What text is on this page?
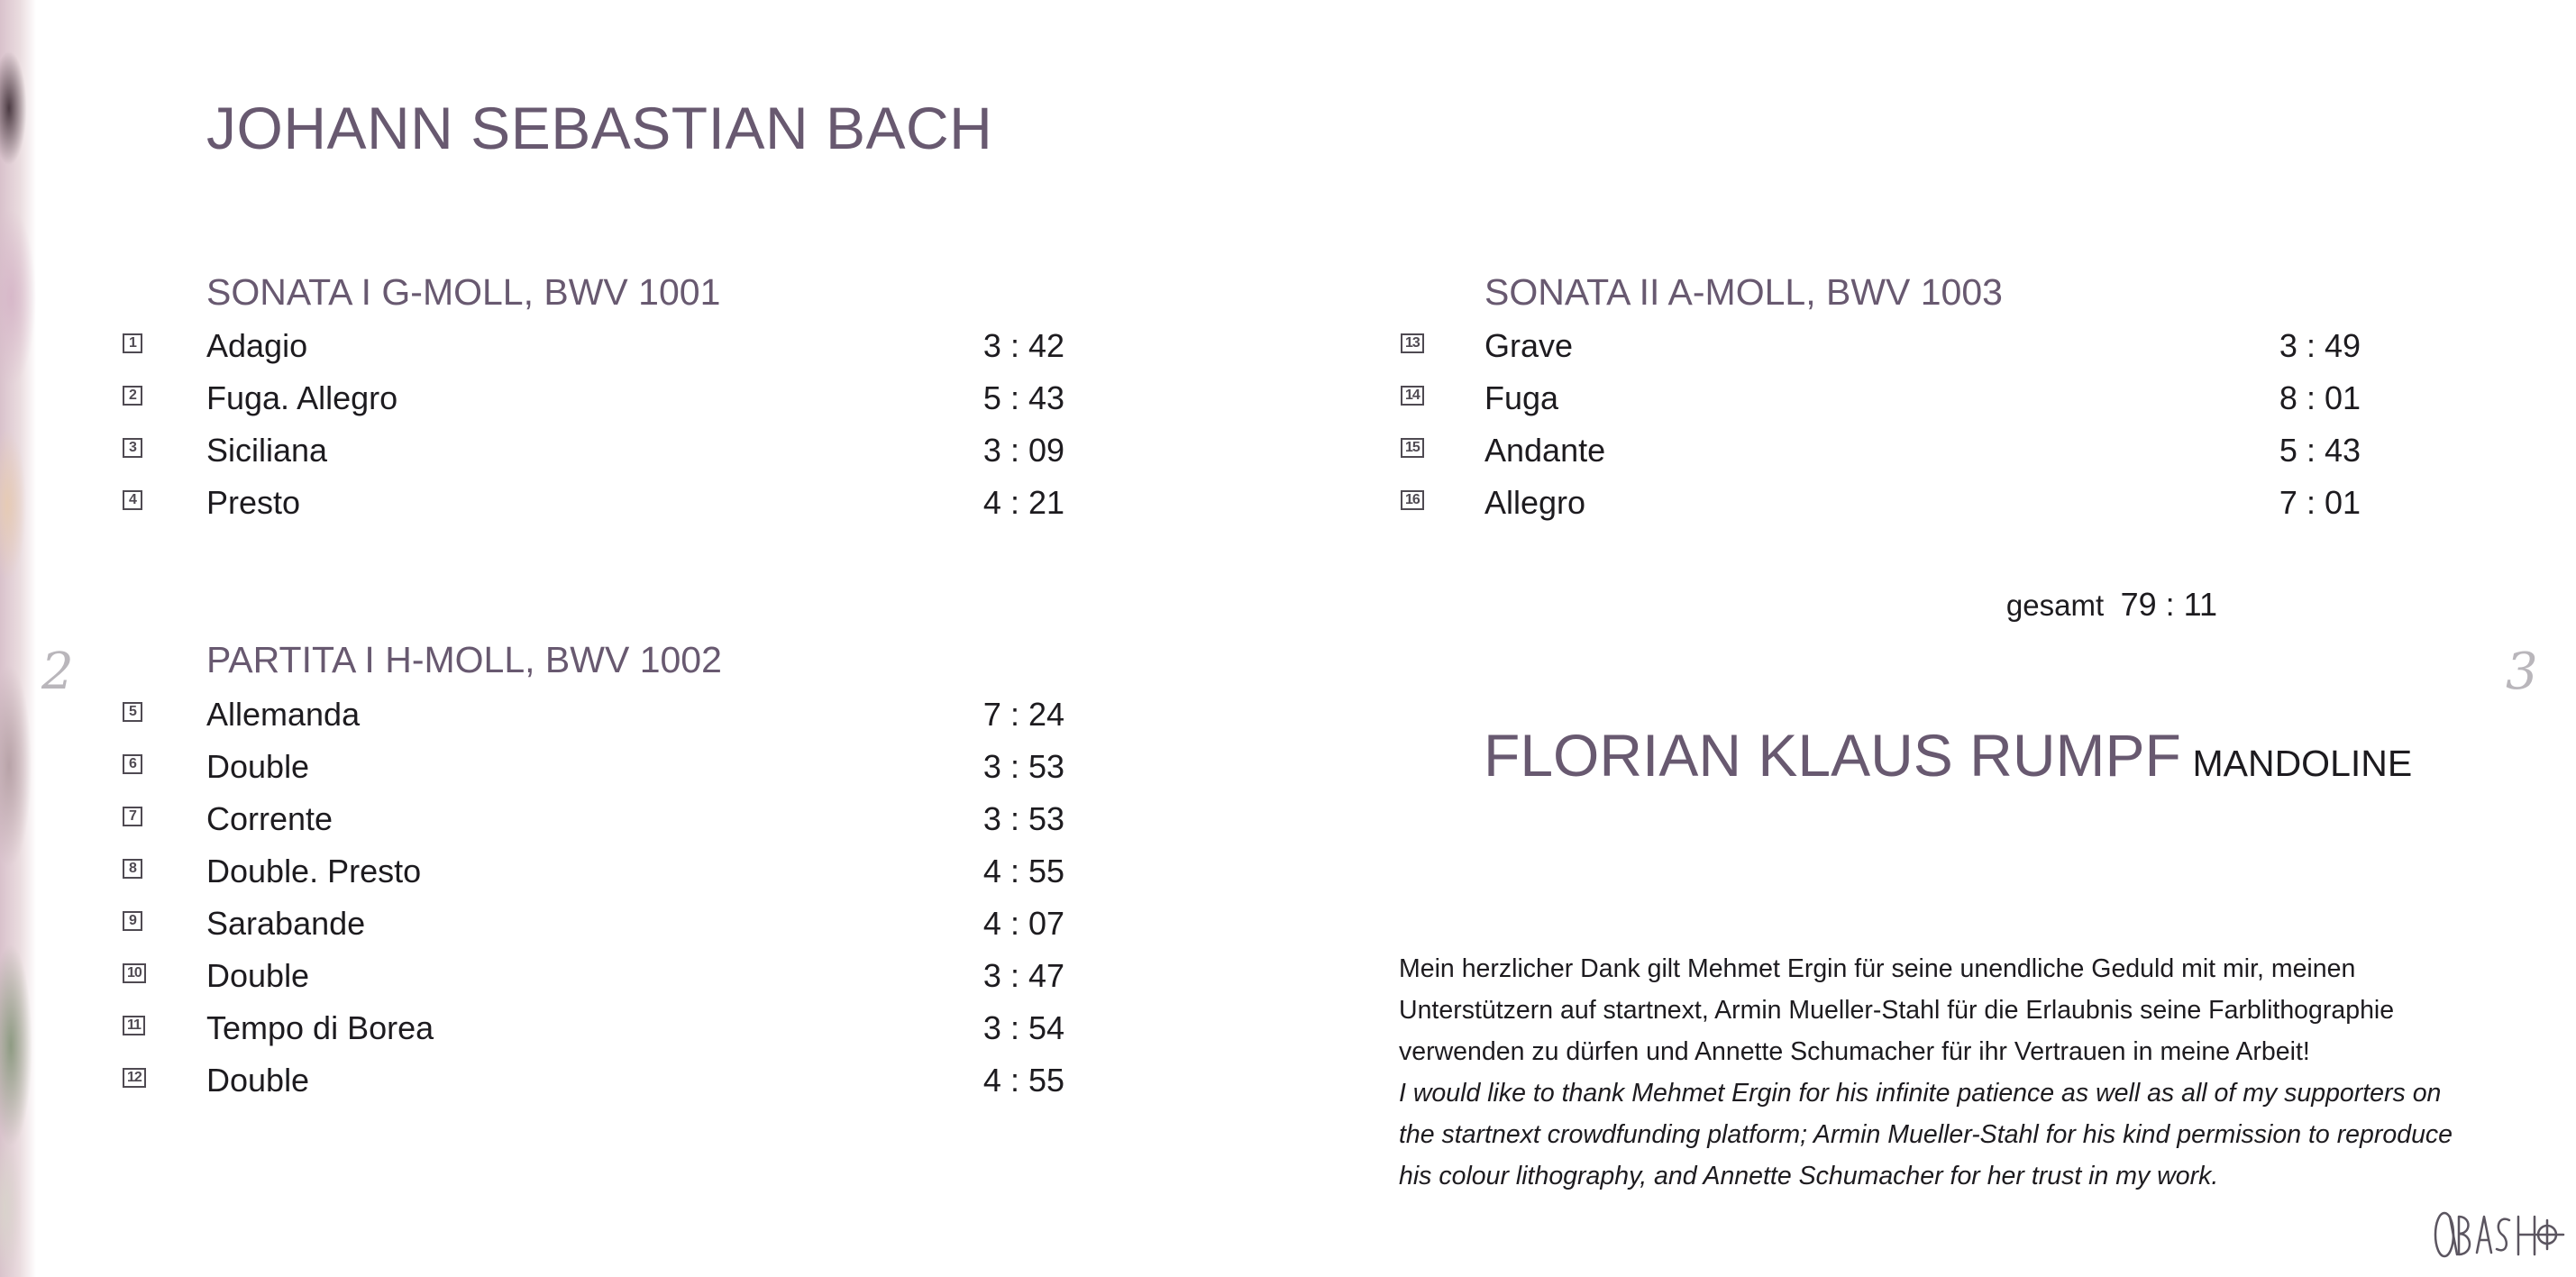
2	3
JOHANN SEBASTIAN BACH
SONATA I G-MOLL, BWV 1001
1 Adagio	3 : 42
2 Fuga. Allegro	5 : 43
3 Siciliana	3 : 09
4 Presto	4 : 21
PARTITA I H-MOLL, BWV 1002
5 Allemanda	7 : 24
6 Double	3 : 53
7 Corrente	3 : 53
8 Double. Presto	4 : 55
9 Sarabande	4 : 07
10 Double	3 : 47
11 Tempo di Borea	3 : 54
12 Double	4 : 55
SONATA II A-MOLL, BWV 1003
13 Grave	3 : 49
14 Fuga	8 : 01
15 Andante	5 : 43
16 Allegro	7 : 01
gesamt 79 : 11
FLORIAN KLAUS RUMPF MANDOLINE

Mein herzlicher Dank gilt Mehmet Ergin für seine unendliche Geduld mit mir, meinen Unterstützern auf startnext, Armin Mueller-Stahl für die Erlaubnis seine Farblithographie verwenden zu dürfen und Annette Schumacher für ihr Vertrauen in meine Arbeit!

I would like to thank Mehmet Ergin for his infinite patience as well as all of my supporters on the startnext crowdfunding platform; Armin Mueller-Stahl for his kind permission to reproduce his colour lithography, and Annette Schumacher for her trust in my work.
